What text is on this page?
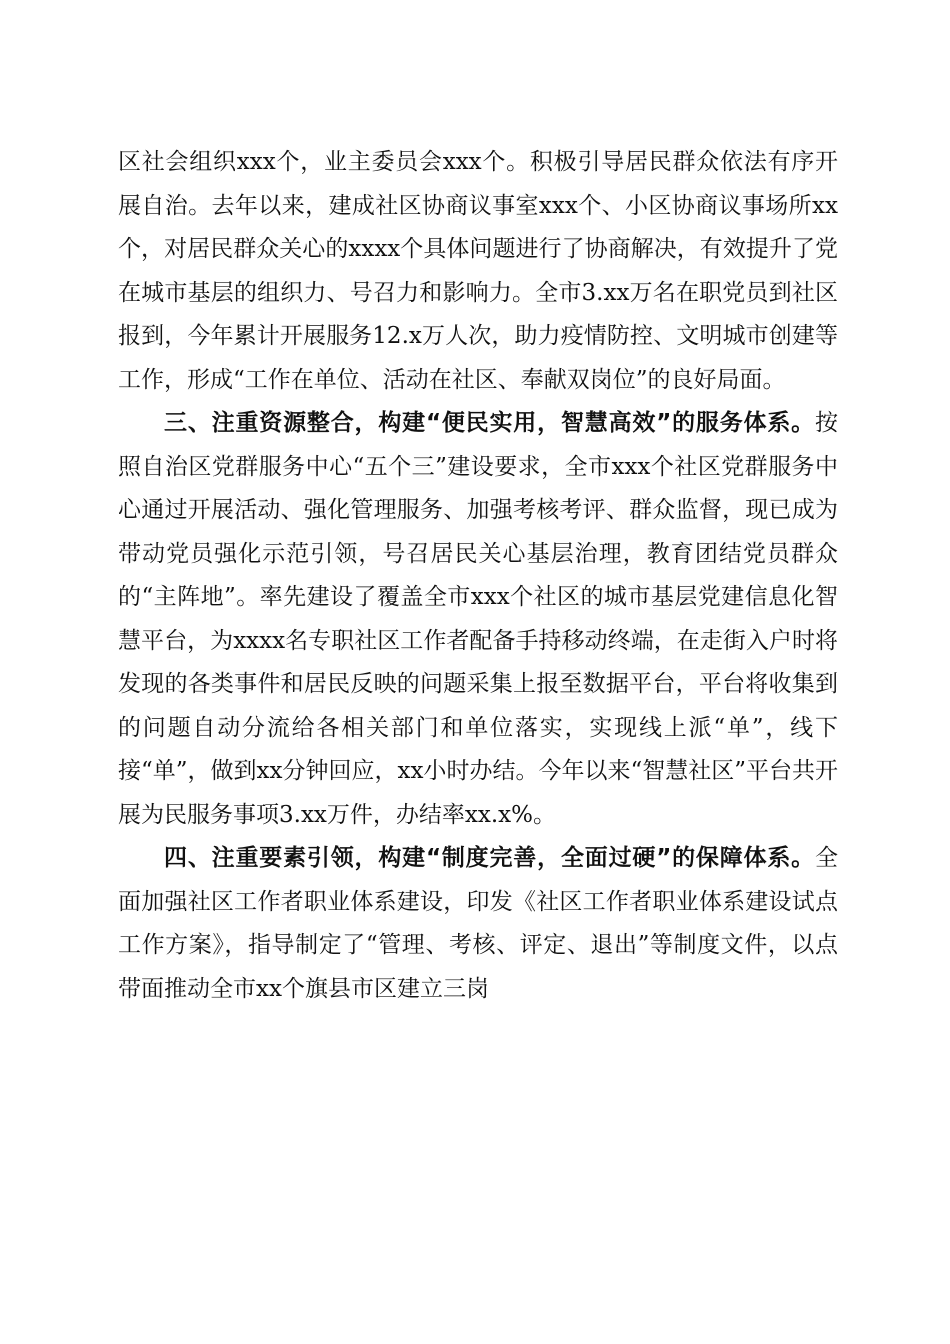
区社会组织xxx个，业主委员会xxx个。积极引导居民群众依法有序开展自治。去年以来，建成社区协商议事室xxx个、小区协商议事场所xx个，对居民群众关心的xxxx个具体问题进行了协商解决，有效提升了党在城市基层的组织力、号召力和影响力。全市3.xx万名在职党员到社区报到，今年累计开展服务12.x万人次，助力疫情防控、文明城市创建等工作，形成“工作在单位、活动在社区、奉献双岗位”的良好局面。

三、注重资源整合，构建“便民实用，智慧高效”的服务体系。按照自治区党群服务中心“五个三”建设要求，全市xxx个社区党群服务中心通过开展活动、强化管理服务、加强考核考评、群众监督，现已成为带动党员强化示范引领，号召居民关心基层治理，教育团结党员群众的“主阵地”。率先建设了覆盖全市xxx个社区的城市基层党建信息化智慧平台，为xxxx名专职社区工作者配备手持移动终端，在走街入户时将发现的各类事件和居民反映的问题采集上报至数据平台，平台将收集到的问题自动分流给各相关部门和单位落实，实现线上派“单”，线下接“单”，做到xx分钟回应，xx小时办结。今年以来“智慧社区”平台共开展为民服务事项3.xx万件，办结率xx.x%。

四、注重要素引领，构建“制度完善，全面过硬”的保障体系。全面加强社区工作者职业体系建设，印发《社区工作者职业体系建设试点工作方案》，指导制定了“管理、考核、评定、退出”等制度文件，以点带面推动全市xx个旗县市区建立三岗
